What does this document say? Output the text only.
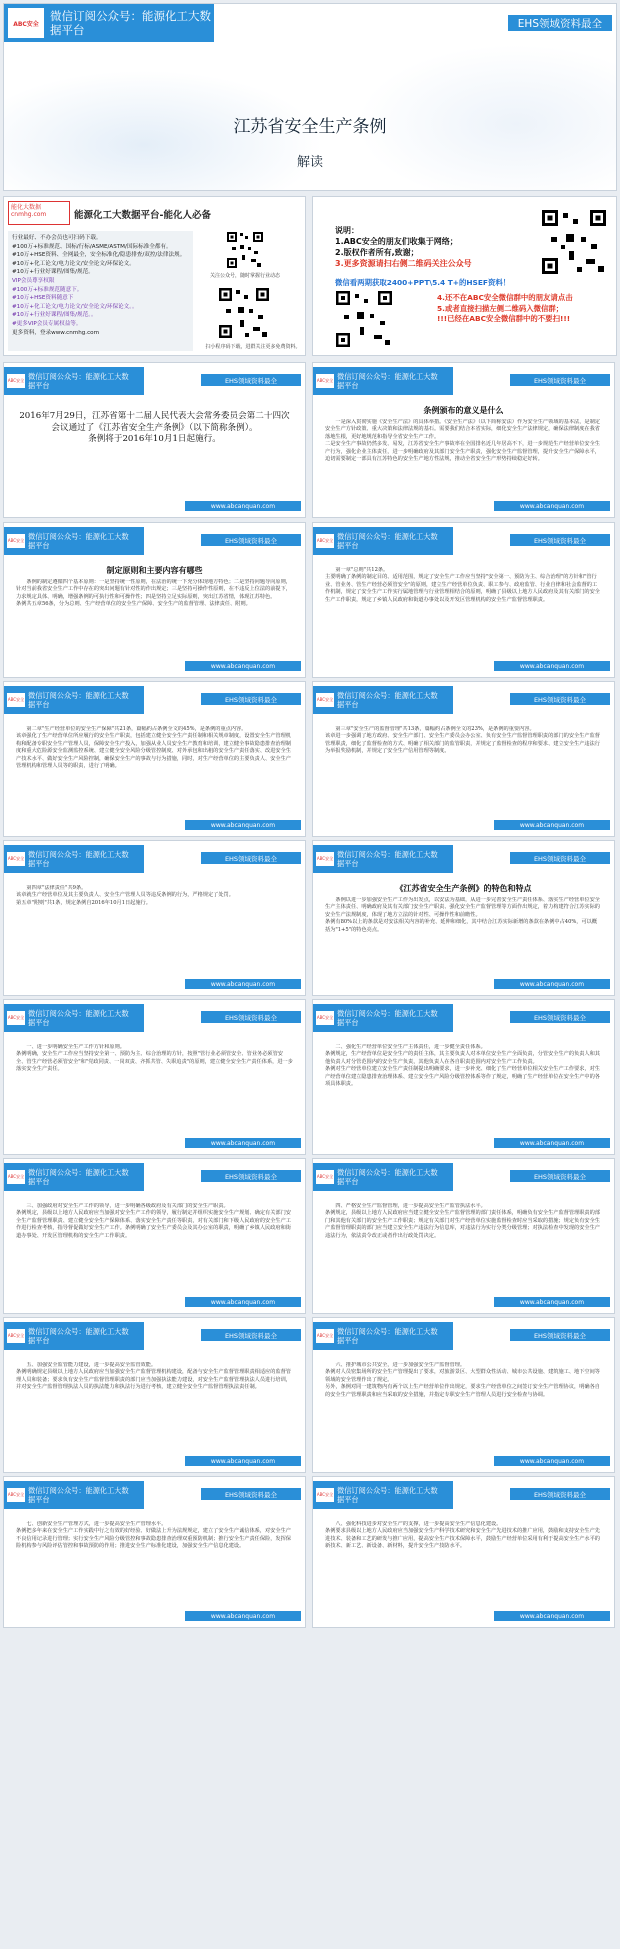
ABC安全
微信订阅公众号：能源化工大数据平台	EHS领域资料最全
江苏省安全生产条例
解读
能化大数据 cnmhg.com	能源化工大数据平台-能化人必备
行业最好、不办会员也可扫码下载。
#100万+标准规范、国标/行标/ASME/ASTM/国际标准全都有。
#10万+HSE资料、全网最全，安全标准化/隐患排查/双控/法律法规。
#10万+化工论文/电力论文/安全论文/环保论文。
#10万+行业好课程/图集/规范。
VIP会员尊享权限
#100万+标准规范随意下。
#10万+HSE资料随意下
#10万+化工论文/电力论文/安全论文/环保论文。。
#10万+行业好课程/图集/规范。。
#更多VIP会员专属权益等。
更多资料，登录www.cnmhg.com
关注公众号，随时掌握行业动态
扫小程序码下载，进群关注更多免费资料。
说明：
1.ABC安全的朋友们收集于网络；
2.版权作者所有,致谢；
3.更多资源请扫右侧二维码关注公众号
微信看两期获取2400+PPT\5.4 T+的HSEF资料！
4.还不在ABC安全微信群中的朋友请点击
5.或者直接扫描左侧二维码入微信群；
!!!已经在ABC安全微信群中的不要扫!!!
ABC安全 微信订阅公众号：能源化工大数据平台
EHS领域资料最全
2016年7月29日，江苏省第十二届人民代表大会常务委员会第二十四次会议通过了《江苏省安全生产条例》（以下简称条例）。
条例将于2016年10月1日起施行。
www.abcanquan.com
ABC安全 微信订阅公众号：能源化工大数据平台
EHS领域资料最全
条例颁布的意义是什么
一是深入贯彻实施《安全生产法》的具体举措。《安全生产法》（以下简称安法）作为安全生产领域的基本法，是制定安全生产方针政策、重大决策和法律法规的基石。需要我们结合本省实际，细化安全生产法律规定，确保法律制度在我省落地生根，更好地规范和指导全省安全生产工作。
二是安全生产事故仍然多发、易发，江苏省安全生产事故率在全国排名近几年居高不下，进一步规范生产经营单位安全生产行为，强化企业主体责任，进一步明确政府及其部门安全生产职责，强化安全生产监督管理，提升安全生产保障水平，迫切需要制定一部具有江苏特色的安全生产地方性法规，推动全省安全生产形势持续稳定好转。
www.abcanquan.com
ABC安全 微信订阅公众号：能源化工大数据平台
EHS领域资料最全
制定原则和主要内容有哪些
条例的制定遵循四个基本原则：一是坚持统一性原则，在法治的统一下充分体现地方特色；二是坚持问题导向原则，针对当前我省安全生产工作中存在的突出问题有针对性的作出规定；三是坚持可操作性原则，在不违反上位法的前提下，力求规定具体、明确，增强条例的可执行性和可操作性；四是坚持立足实际原则，突出江苏省情，体现江苏特色。
条例共五章56条，分为总则、生产经营单位的安全生产保障、安全生产的监督管理、法律责任、附则。
www.abcanquan.com
ABC安全 微信订阅公众号：能源化工大数据平台
EHS领域资料最全
第一章"总则"共12条。
主要明确了条例的制定目的、适用范围，规定了安全生产工作应当坚持"安全第一、预防为主、综合治理"的方针和"管行业、管业务、管生产经营必须管安全"的原则，建立生产经营单位负责、职工参与、政府监管、行业自律和社会监督的工作机制，规定了安全生产工作实行属地管理与行业管理相结合的原则，明确了县级以上地方人民政府及其有关部门的安全生产工作职责，规定了乡镇人民政府和街道办事处以及开发区管理机构的安全生产监督管理职责。
www.abcanquan.com
ABC安全 微信订阅公众号：能源化工大数据平台
EHS领域资料最全
第二章"生产经营单位的安全生产保障"共21条，篇幅约占条例全文的45%，是条例的重点内容。
该章强化了生产经营单位所应履行的安全生产职责，包括建立健全安全生产责任制和相关规章制度，设置安全生产管理机构和配备专职安全生产管理人员，保障安全生产投入，加强从业人员安全生产教育和培训，建立健全事故隐患排查治理制度和重大危险源安全监测监控系统、建立健全安全风险分级管控制度、对外承包和出租的安全生产责任落实、改进安全生产技术水平、做好安全生产风险控制，确保安全生产的事故与行为措施，同时，对生产经营单位的主要负责人、安全生产管理机构和管理人员等的职责，进行了明确。
www.abcanquan.com
ABC安全 微信订阅公众号：能源化工大数据平台
EHS领域资料最全
第三章"安全生产的监督管理"共13条，篇幅约占条例全文的23%，是条例的重要内容。
该章进一步强调了地方政府、安全生产部门、安全生产委员会办公室、负有安全生产监督管理职责的部门的安全生产监督管理职责，细化了监督检查的方式、明确了相关部门的监管职责，并规定了监督检查的程序和要求、建立安全生产违法行为举报奖励机制，并规定了安全生产信用管理等制度。
www.abcanquan.com
ABC安全 微信订阅公众号：能源化工大数据平台
EHS领域资料最全
第四章"法律责任"共9条。
该章就生产经营单位及其主要负责人、安全生产管理人员等违反条例的行为，严格规定了处罚。
第五章"附则"共1条，规定条例自2016年10月1日起施行。
www.abcanquan.com
ABC安全 微信订阅公众号：能源化工大数据平台
EHS领域资料最全
《江苏省安全生产条例》的特色和特点
条例以进一步加强安全生产工作为出发点，以安法为基础，从进一步完善安全生产责任体系、落实生产经营单位安全生产主体责任、明确政府及其有关部门安全生产职责、强化安全生产监督管理等方面作出规定，着力构建符合江苏实际的安全生产法规制度，体现了地方立法的针对性、可操作性和前瞻性。
条例有80%以上的条款是对安法相关内容的补充、延伸和细化，其中结合江苏实际新增的条款在条例中占40%，可以概括为"1+5"的特色亮点。
www.abcanquan.com
ABC安全 微信订阅公众号：能源化工大数据平台
EHS领域资料最全
一、进一步明确安全生产工作方针和原则。
条例明确，安全生产工作应当坚持安全第一、预防为主、综合治理的方针，按照"管行业必须管安全、管业务必须管安全、管生产经营必须管安全"和"党政同责、一岗双责、齐抓共管、失职追责"的原则，建立健全安全生产责任体系，进一步落实安全生产责任。
www.abcanquan.com
ABC安全 微信订阅公众号：能源化工大数据平台
EHS领域资料最全
二、强化生产经营单位安全生产主体责任，进一步健全责任体系。
条例规定，生产经营单位是安全生产的责任主体，其主要负责人对本单位安全生产全面负责，分管安全生产的负责人和其他负责人对分管范围内的安全生产负责，其他负责人在各自职责范围内对安全生产工作负责。
条例对生产经营单位建立安全生产责任制提出明确要求，进一步补充、细化了生产经营单位相关安全生产工作要求，对生产经营单位建立隐患排查治理体系、建立安全生产风险分级管控体系等作了规定，明确了生产经营单位在安全生产中的各项具体职责。
www.abcanquan.com
ABC安全 微信订阅公众号：能源化工大数据平台
EHS领域资料最全
三、加强政府对安全生产工作的领导，进一步明确各级政府及有关部门的安全生产职责。
条例规定，县级以上地方人民政府应当加强对安全生产工作的领导，履行制定并组织实施安全生产规划、确定有关部门安全生产监督管理职责、建立健全安全生产保障体系、落实安全生产责任等职责，对有关部门和下级人民政府的安全生产工作进行检查考核，指导督促做好安全生产工作。条例明确了安全生产委员会及其办公室的职责，明确了乡镇人民政府和街道办事处、开发区管理机构的安全生产工作职责。
www.abcanquan.com
ABC安全 微信订阅公众号：能源化工大数据平台
EHS领域资料最全
四、严格安全生产监督管理，进一步提高安全生产监管执法水平。
条例规定，县级以上地方人民政府应当建立健全安全生产监督管理的部门责任体系，明确负有安全生产监督管理职责的部门和其他有关部门的安全生产工作职责；规定有关部门对生产经营单位实施监督检查时应当采取的措施；规定负有安全生产监督管理职责的部门应当建立安全生产违法行为信息库，对违法行为实行分类分级管理；对执法检查中发现的安全生产违法行为，依法责令改正或者作出行政处罚决定。
www.abcanquan.com
ABC安全 微信订阅公众号：能源化工大数据平台
EHS领域资料最全
五、加强安全监管能力建设，进一步提高安全监管效能。
条例明确规定县级以上地方人民政府应当加强安全生产监督管理机构建设，配备与安全生产监督管理职责相适应的监督管理人员和装备；要求负有安全生产监督管理职责的部门应当加强执法能力建设，对安全生产监督管理执法人员进行培训，并对安全生产监督管理执法人员的执法能力和执法行为进行考核，建立健全安全生产监督管理执法责任制。
www.abcanquan.com
ABC安全 微信订阅公众号：能源化工大数据平台
EHS领域资料最全
六、推护城市公共安全，进一步加强安全生产监督管理。
条例对人员密集场所的安全生产管理提出了要求，对旅游景区、大型群众性活动、城市公共设施、建筑施工、地下空间等领域的安全管理作出了规定。
另外，条例对同一建筑物内有两个以上生产经营单位作出规定，要求生产经营单位之间签订安全生产管理协议，明确各自的安全生产管理职责和应当采取的安全措施，并指定专职安全生产管理人员进行安全检查与协调。
www.abcanquan.com
ABC安全 微信订阅公众号：能源化工大数据平台
EHS领域资料最全
七、创新安全生产管理方式，进一步提高安全生产管理水平。
条例把多年来在安全生产工作实践中行之有效的好经验、好做法上升为法规规定，建立了安全生产诚信体系，对安全生产不良信用记录进行管理；实行安全生产风险分级管控和事故隐患排查治理双重预防机制；推行安全生产责任保险，发挥保险机构参与风险评估管控和事故预防的作用；推进安全生产标准化建设，加强安全生产信息化建设。
www.abcanquan.com
ABC安全 微信订阅公众号：能源化工大数据平台
EHS领域资料最全
八、强化科技进步对安全生产的支撑，进一步提高安全生产信息化建设。
条例要求县级以上地方人民政府应当加强安全生产科学技术研究和安全生产先进技术的推广应用，鼓励和支持安全生产先进技术、装备和工艺的研发与推广应用，提高安全生产技术保障水平，鼓励生产经营单位采用有利于提高安全生产水平的新技术、新工艺、新设备、新材料，提升安全生产技防水平。
www.abcanquan.com
